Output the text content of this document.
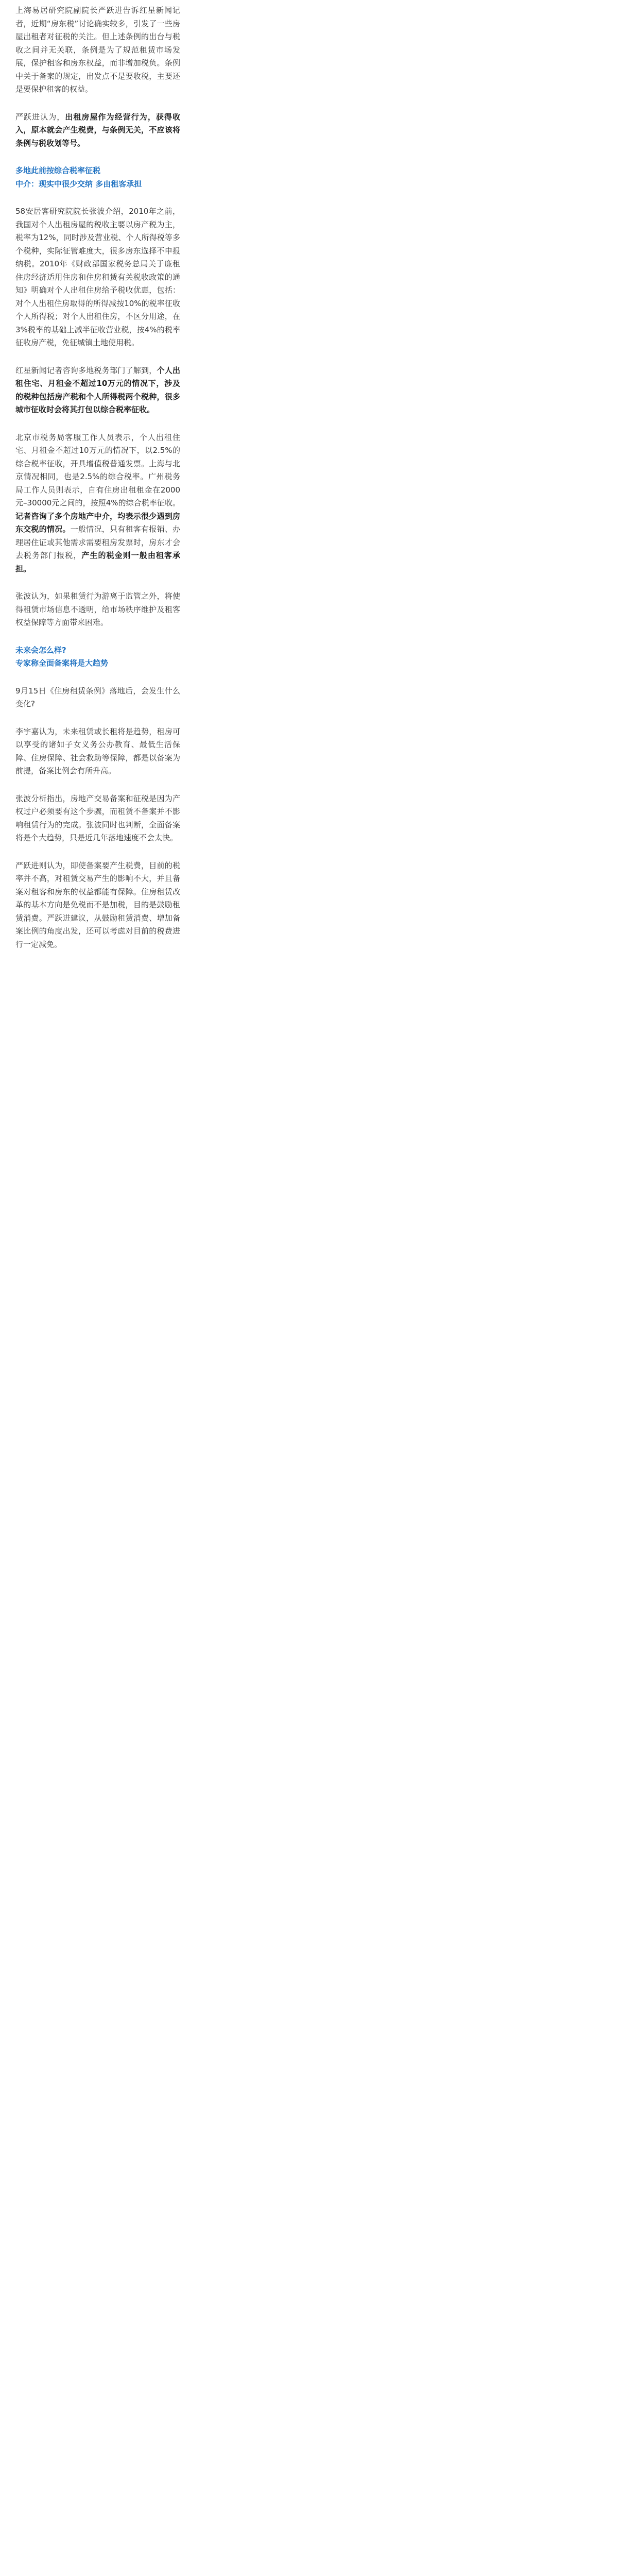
上海易居研究院副院长严跃进告诉红星新闻记者，近期“房东税”讨论确实较多，引发了一些房屋出租者对征税的关注。但上述条例的出台与税收之间并无关联，条例是为了规范租赁市场发展，保护租客和房东权益，而非增加税负。条例中关于备案的规定，出发点不是要收税，主要还是要保护租客的权益。

严跃进认为，出租房屋作为经营行为，获得收入，原本就会产生税费，与条例无关，不应该将条例与税收划等号。

多地此前按综合税率征税
中介：现实中很少交纳 多由租客承担

58安居客研究院院长张波介绍，2010年之前，我国对个人出租房屋的税收主要以房产税为主，税率为12%，同时涉及营业税、个人所得税等多个税种，实际征管难度大，很多房东选择不申报纳税。2010年《财政部国家税务总局关于廉租住房经济适用住房和住房租赁有关税收政策的通知》明确对个人出租住房给予税收优惠，包括：对个人出租住房取得的所得减按10%的税率征收个人所得税；对个人出租住房，不区分用途，在3%税率的基础上减半征收营业税，按4%的税率征收房产税，免征城镇土地使用税。

红星新闻记者咨询多地税务部门了解到，个人出租住宅、月租金不超过10万元的情况下，涉及的税种包括房产税和个人所得税两个税种，很多城市征收时会将其打包以综合税率征收。

北京市税务局客服工作人员表示，个人出租住宅、月租金不超过10万元的情况下，以2.5%的综合税率征收，开具增值税普通发票。上海与北京情况相同，也是2.5%的综合税率。广州税务局工作人员则表示，自有住房出租租金在2000元–30000元之间的，按照4%的综合税率征收。记者咨询了多个房地产中介，均表示很少遇到房东交税的情况。一般情况，只有租客有报销、办理居住证或其他需求需要租房发票时，房东才会去税务部门报税，产生的税金则一般由租客承担。

张波认为，如果租赁行为游离于监管之外，将使得租赁市场信息不透明，给市场秩序维护及租客权益保障等方面带来困难。

未来会怎么样?
专家称全面备案将是大趋势

9月15日《住房租赁条例》落地后，会发生什么变化?

李宇嘉认为，未来租赁或长租将是趋势，租房可以享受的诸如子女义务公办教育、最低生活保障、住房保障、社会救助等保障，都是以备案为前提，备案比例会有所升高。

张波分析指出，房地产交易备案和征税是因为产权过户必须要有这个步骤，而租赁不备案并不影响租赁行为的完成。张波同时也判断，全面备案将是个大趋势，只是近几年落地速度不会太快。

严跃进则认为，即使备案要产生税费，目前的税率并不高，对租赁交易产生的影响不大，并且备案对租客和房东的权益都能有保障。住房租赁改革的基本方向是免税而不是加税，目的是鼓励租赁消费。严跃进建议，从鼓励租赁消费、增加备案比例的角度出发，还可以考虑对目前的税费进行一定减免。
